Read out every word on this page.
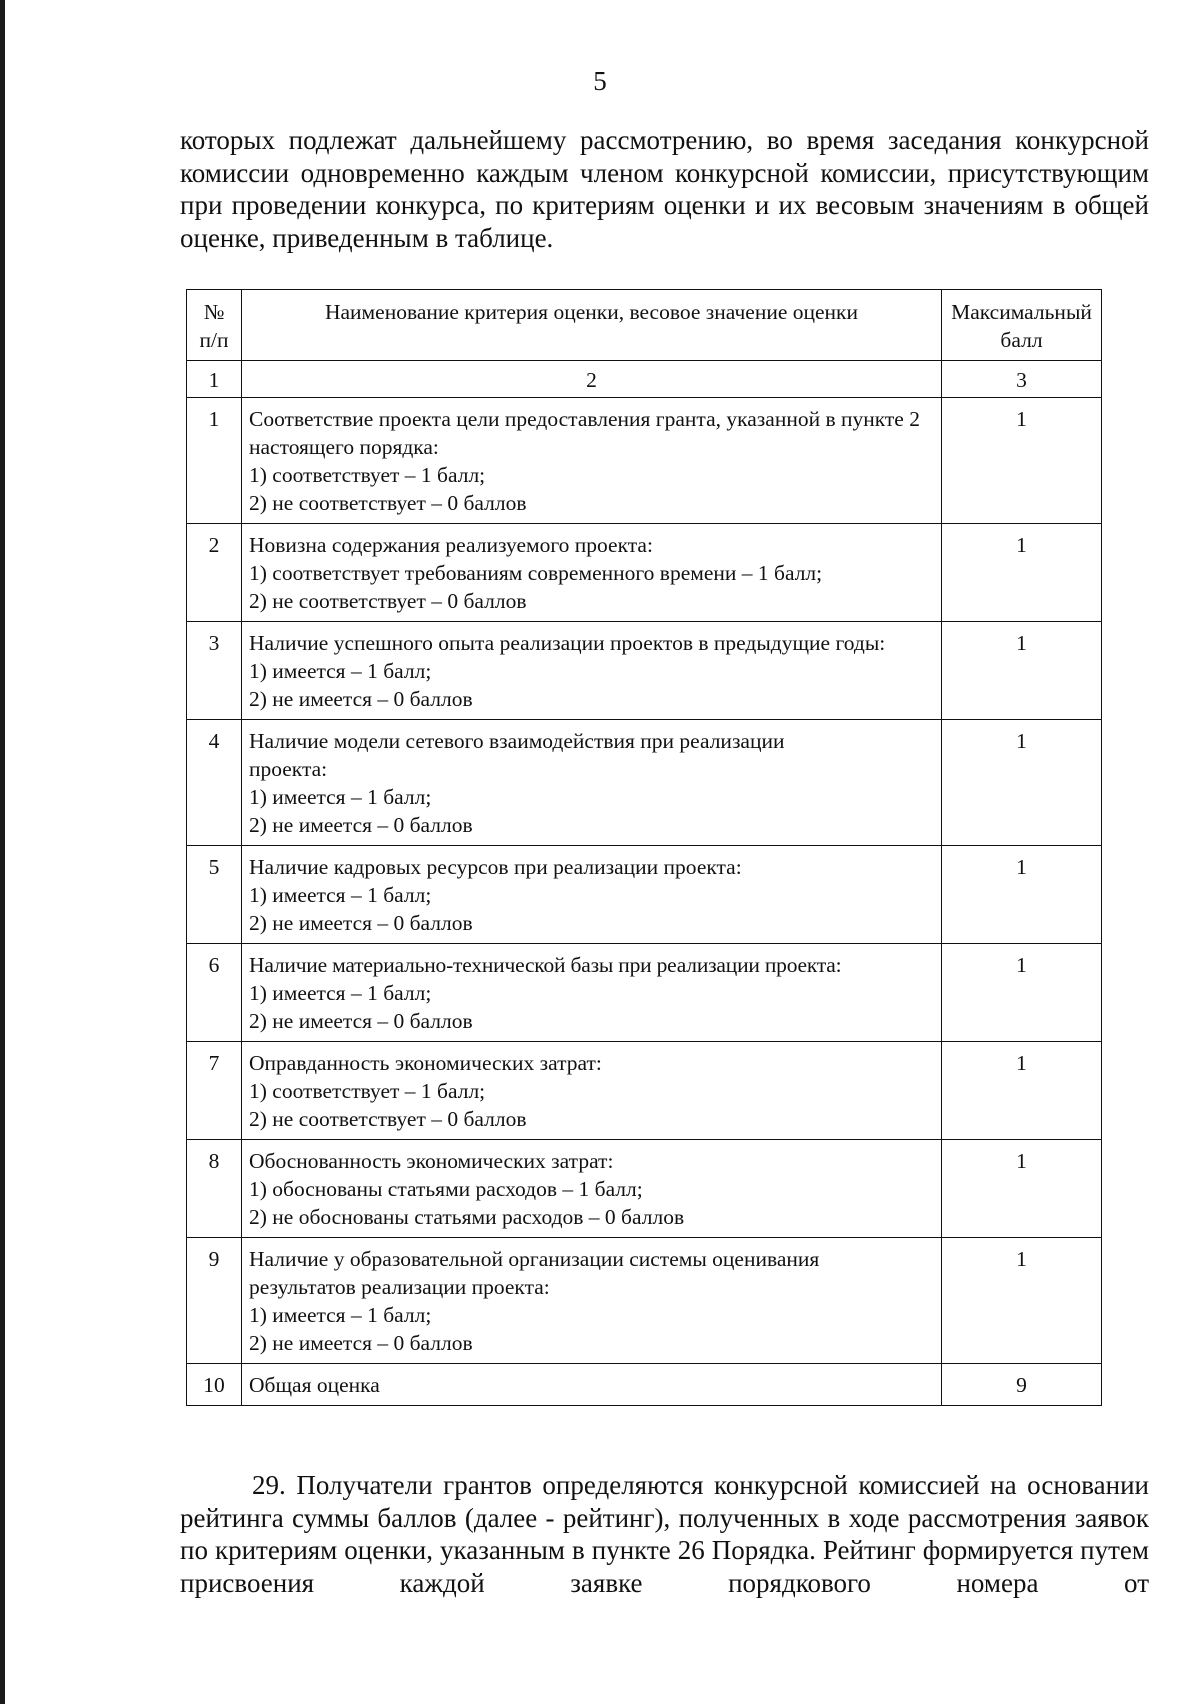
5
которых подлежат дальнейшему рассмотрению, во время заседания конкурсной комиссии одновременно каждым членом конкурсной комиссии, присутствующим при проведении конкурса, по критериям оценки и их весовым значениям в общей оценке, приведенным в таблице.
№ п/п	Наименование критерия оценки, весовое значение оценки	Максимальный балл
1	2	3
1	Соответствие проекта цели предоставления гранта, указанной в пункте 2 настоящего порядка:
1) соответствует – 1 балл;
2) не соответствует – 0 баллов	1
2	Новизна содержания реализуемого проекта:
1) соответствует требованиям современного времени – 1 балл;
2) не соответствует – 0 баллов	1
3	Наличие успешного опыта реализации проектов в предыдущие годы:
1) имеется – 1 балл;
2) не имеется – 0 баллов	1
4	Наличие модели сетевого взаимодействия при реализации проекта:
1) имеется – 1 балл;
2) не имеется – 0 баллов	1
5	Наличие кадровых ресурсов при реализации проекта:
1) имеется – 1 балл;
2) не имеется – 0 баллов	1
6	Наличие материально-технической базы при реализации проекта:
1) имеется – 1 балл;
2) не имеется – 0 баллов	1
7	Оправданность экономических затрат:
1) соответствует – 1 балл;
2) не соответствует – 0 баллов	1
8	Обоснованность экономических затрат:
1) обоснованы статьями расходов – 1 балл;
2) не обоснованы статьями расходов – 0 баллов	1
9	Наличие у образовательной организации системы оценивания результатов реализации проекта:
1) имеется – 1 балл;
2) не имеется – 0 баллов	1
10	Общая оценка	9
29. Получатели грантов определяются конкурсной комиссией на основании рейтинга суммы баллов (далее - рейтинг), полученных в ходе рассмотрения заявок по критериям оценки, указанным в пункте 26 Порядка. Рейтинг формируется путем присвоения каждой заявке порядкового номера от
